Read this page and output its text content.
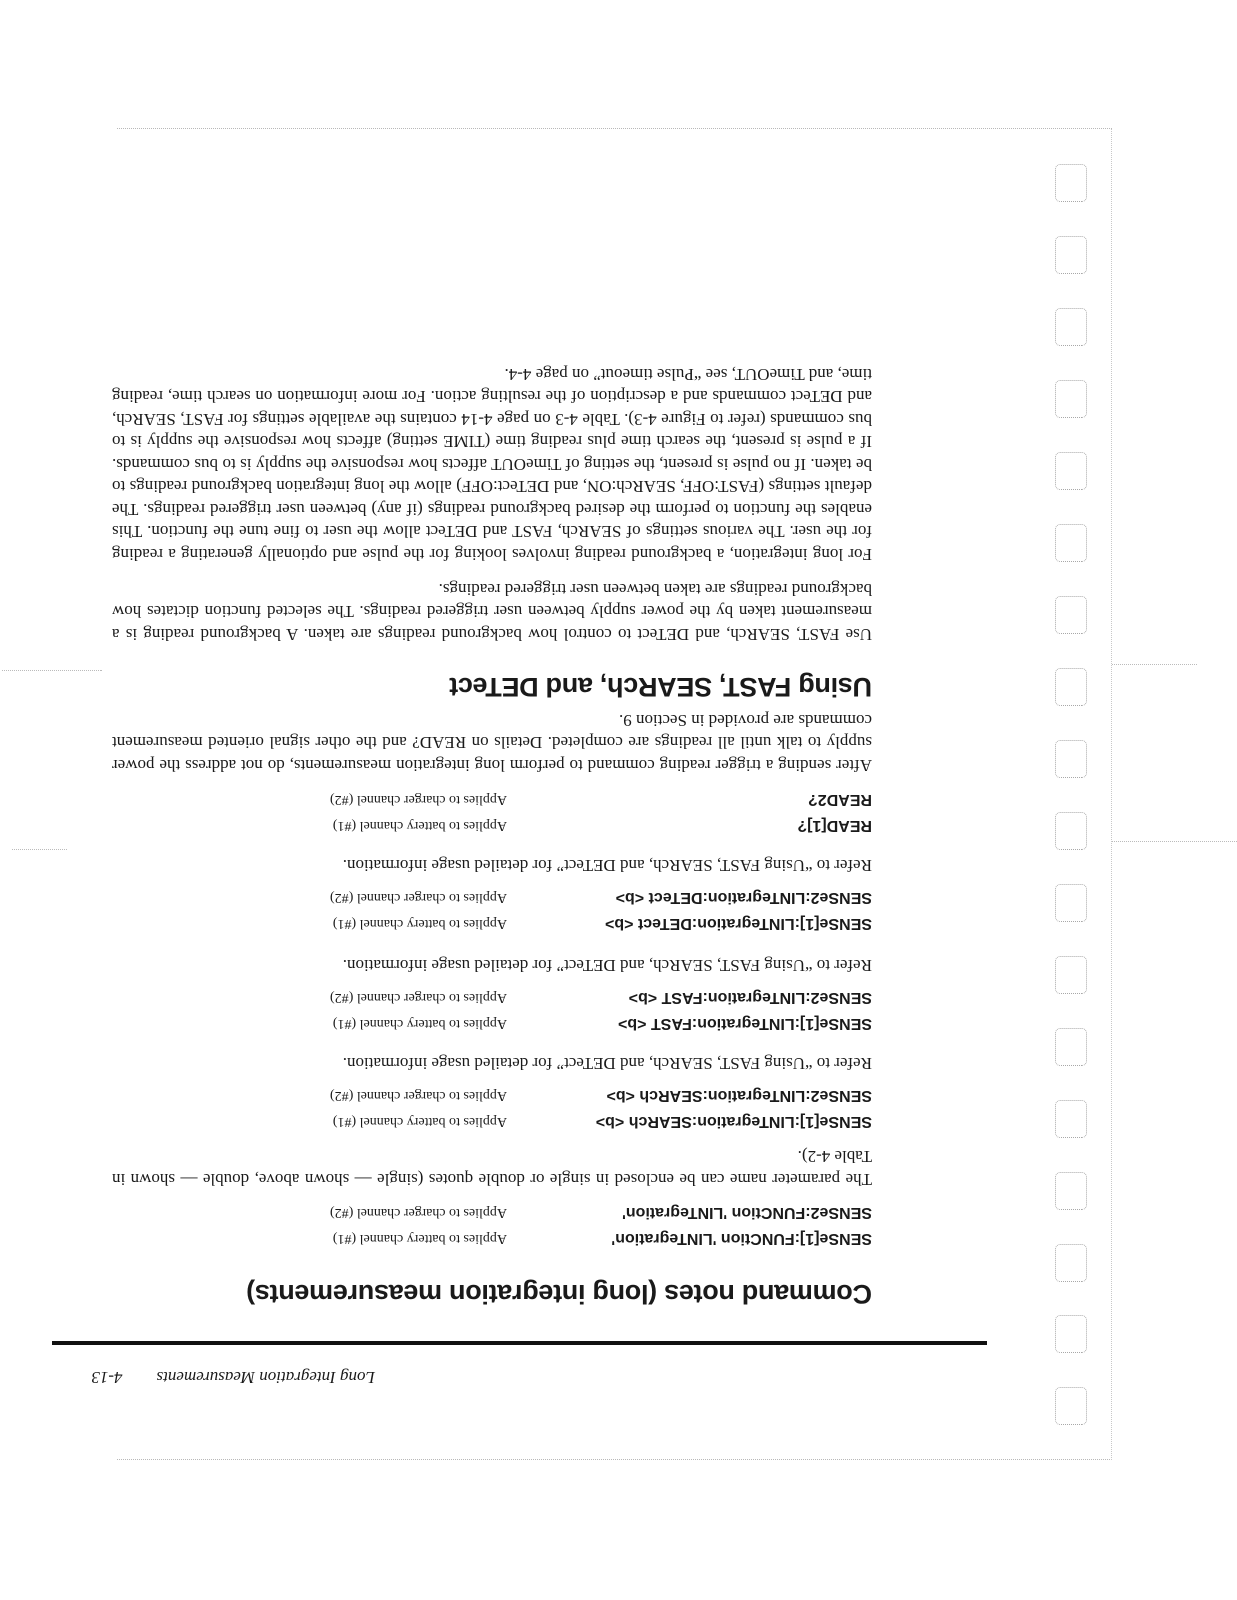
Long Integration Measurements4-13
Command notes (long integration measurements)
SENSe[1]:FUNCtion 'LINTegration'
Applies to battery channel (#1)
SENSe2:FUNCtion 'LINTegration'
Applies to charger channel (#2)

The parameter name can be enclosed in single or double quotes (single — shown above, double — shown in Table 4-2).

SENSe[1]:LINTegration:SEARch <b>
Applies to battery channel (#1)
SENSe2:LINTegration:SEARch <b>
Applies to charger channel (#2)

Refer to “Using FAST, SEARch, and DETect” for detailed usage information.

SENSe[1]:LINTegration:FAST <b>
Applies to battery channel (#1)
SENSe2:LINTegration:FAST <b>
Applies to charger channel (#2)

Refer to “Using FAST, SEARch, and DETect” for detailed usage information.

SENSe[1]:LINTegration:DETect <b>
Applies to battery channel (#1)
SENSe2:LINTegration:DETect <b>
Applies to charger channel (#2)

Refer to “Using FAST, SEARch, and DETect” for detailed usage information.

READ[1]?
Applies to battery channel (#1)
READ2?
Applies to charger channel (#2)

After sending a trigger reading command to perform long integration measurements, do not address the power supply to talk until all readings are completed. Details on READ? and the other signal oriented measurement commands are provided in Section 9.

Using FAST, SEARch, and DETect

Use FAST, SEARch, and DETect to control how background readings are taken. A background reading is a measurement taken by the power supply between user triggered readings. The selected function dictates how background readings are taken between user triggered readings.

For long integration, a background reading involves looking for the pulse and optionally generating a reading for the user. The various settings of SEARch, FAST and DETect allow the user to fine tune the function. This enables the function to perform the desired background readings (if any) between user triggered readings. The default settings (FAST:OFF, SEARch:ON, and DETect:OFF) allow the long integration background readings to be taken. If no pulse is present, the setting of TimeOUT affects how responsive the supply is to bus commands. If a pulse is present, the search time plus reading time (TIME setting) affects how responsive the supply is to bus commands (refer to Figure 4-3). Table 4-3 on page 4-14 contains the available settings for FAST, SEARch, and DETect commands and a description of the resulting action. For more information on search time, reading time, and TimeOUT, see “Pulse timeout” on page 4-4.
